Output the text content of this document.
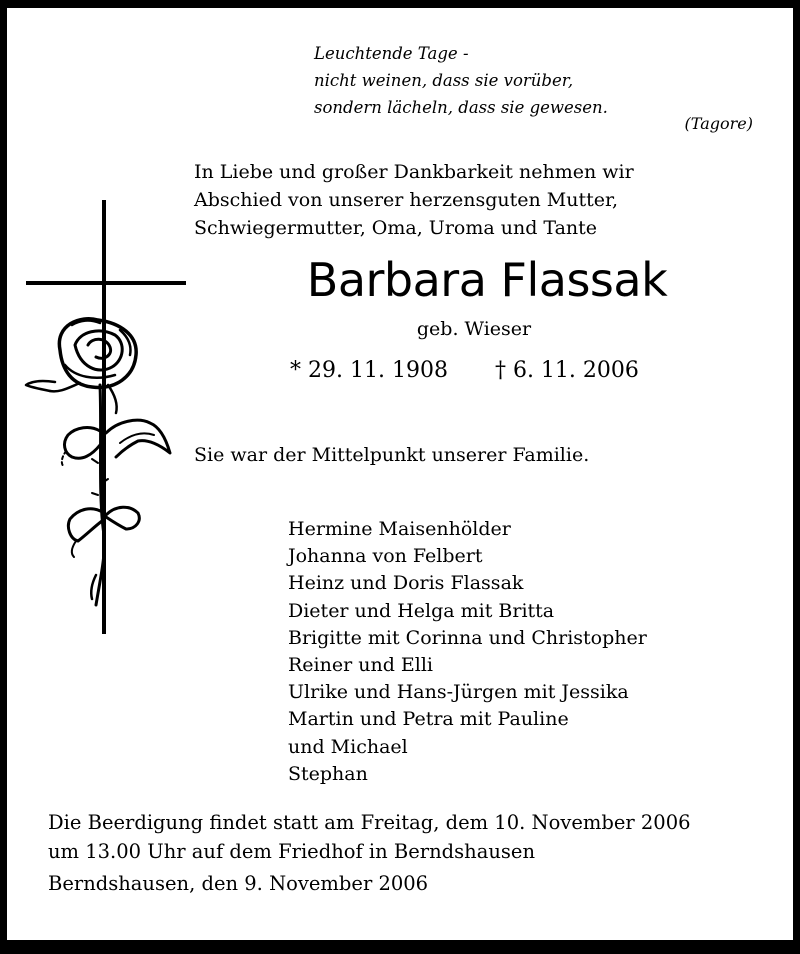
Leuchtende Tage -
nicht weinen, dass sie vorüber,
sondern lächeln, dass sie gewesen.
(Tagore)
In Liebe und großer Dankbarkeit nehmen wir
Abschied von unserer herzensguten Mutter,
Schwiegermutter, Oma, Uroma und Tante
Barbara Flassak
geb. Wieser
* 29. 11. 1908 † 6. 11. 2006
Sie war der Mittelpunkt unserer Familie.
Hermine Maisenhölder
Johanna von Felbert
Heinz und Doris Flassak
Dieter und Helga mit Britta
Brigitte mit Corinna und Christopher
Reiner und Elli
Ulrike und Hans-Jürgen mit Jessika
Martin und Petra mit Pauline
und Michael
Stephan
Die Beerdigung findet statt am Freitag, dem 10. November 2006
um 13.00 Uhr auf dem Friedhof in Berndshausen
Berndshausen, den 9. November 2006
